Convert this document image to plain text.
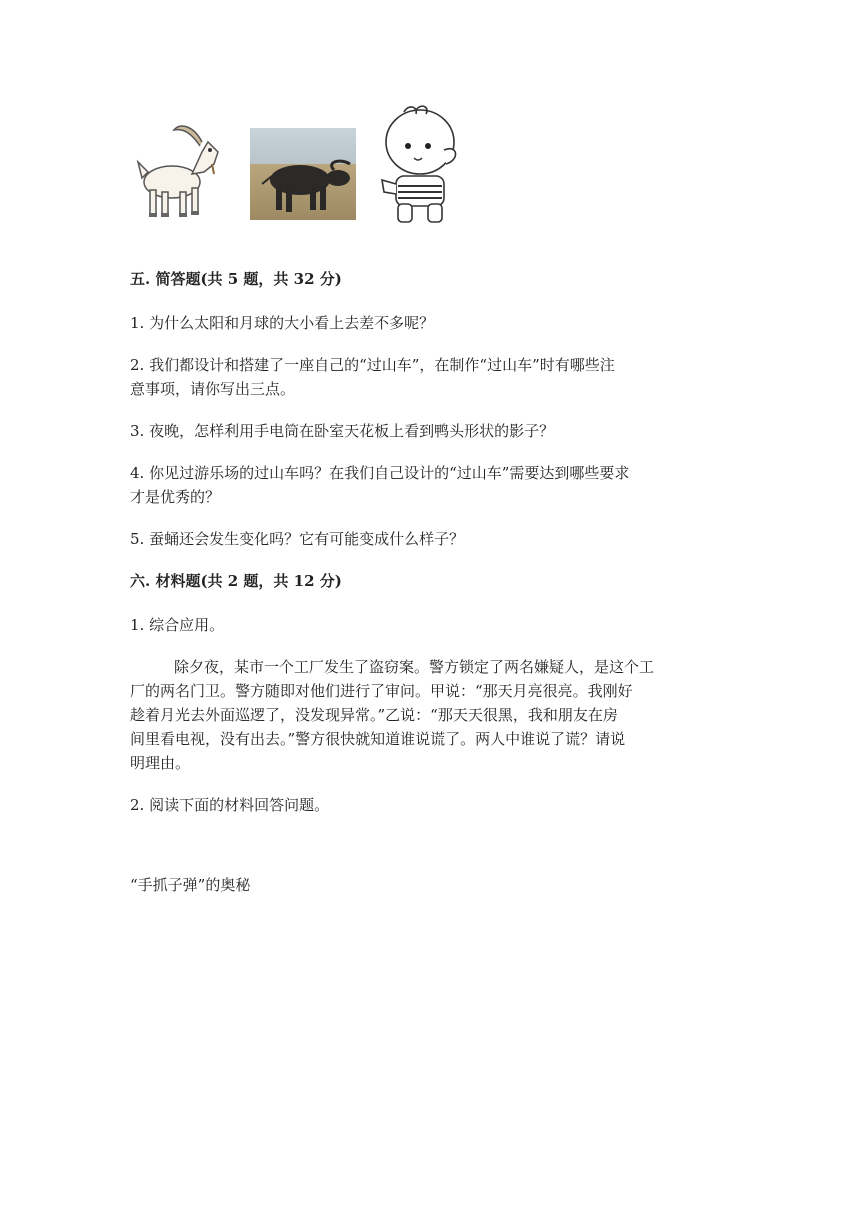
五. 简答题(共 5 题，共 32 分)
1. 为什么太阳和月球的大小看上去差不多呢？
2. 我们都设计和搭建了一座自己的“过山车”，在制作“过山车”时有哪些注
意事项，请你写出三点。
3. 夜晚，怎样利用手电筒在卧室天花板上看到鸭头形状的影子？
4. 你见过游乐场的过山车吗？在我们自己设计的“过山车”需要达到哪些要求
才是优秀的？
5. 蚕蛹还会发生变化吗？它有可能变成什么样子？
六. 材料题(共 2 题，共 12 分)
1. 综合应用。
除夕夜，某市一个工厂发生了盗窃案。警方锁定了两名嫌疑人，是这个工
厂的两名门卫。警方随即对他们进行了审问。甲说：“那天月亮很亮。我刚好
趁着月光去外面巡逻了，没发现异常。”乙说：“那天天很黑，我和朋友在房
间里看电视，没有出去。”警方很快就知道谁说谎了。两人中谁说了谎？请说
明理由。
2. 阅读下面的材料回答问题。
“手抓子弹”的奥秘
